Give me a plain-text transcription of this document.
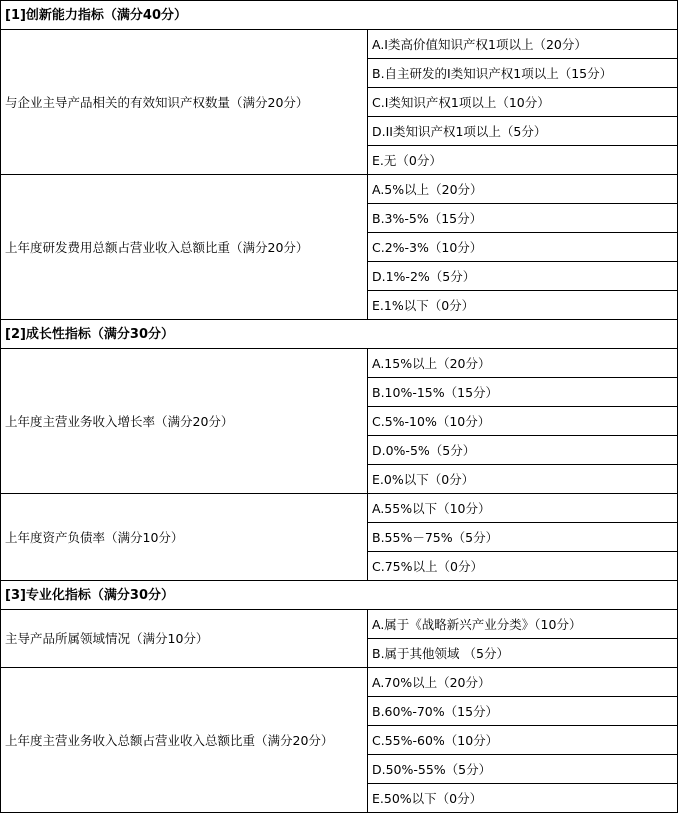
[1]创新能力指标（满分40分）	
与企业主导产品相关的有效知识产权数量（满分20分）	A.I类高价值知识产权1项以上（20分）
	B.自主研发的I类知识产权1项以上（15分）
	C.I类知识产权1项以上（10分）
	D.II类知识产权1项以上（5分）
	E.无（0分）
上年度研发费用总额占营业收入总额比重（满分20分）	A.5%以上（20分）
	B.3%-5%（15分）
	C.2%-3%（10分）
	D.1%-2%（5分）
	E.1%以下（0分）
[2]成长性指标（满分30分）	
上年度主营业务收入增长率（满分20分）	A.15%以上（20分）
	B.10%-15%（15分）
	C.5%-10%（10分）
	D.0%-5%（5分）
	E.0%以下（0分）
上年度资产负债率（满分10分）	A.55%以下（10分）
	B.55%－75%（5分）
	C.75%以上（0分）
[3]专业化指标（满分30分）	
主导产品所属领域情况（满分10分）	A.属于《战略新兴产业分类》（10分）
	B.属于其他领域 （5分）
上年度主营业务收入总额占营业收入总额比重（满分20分）	A.70%以上（20分）
	B.60%-70%（15分）
	C.55%-60%（10分）
	D.50%-55%（5分）
	E.50%以下（0分）
